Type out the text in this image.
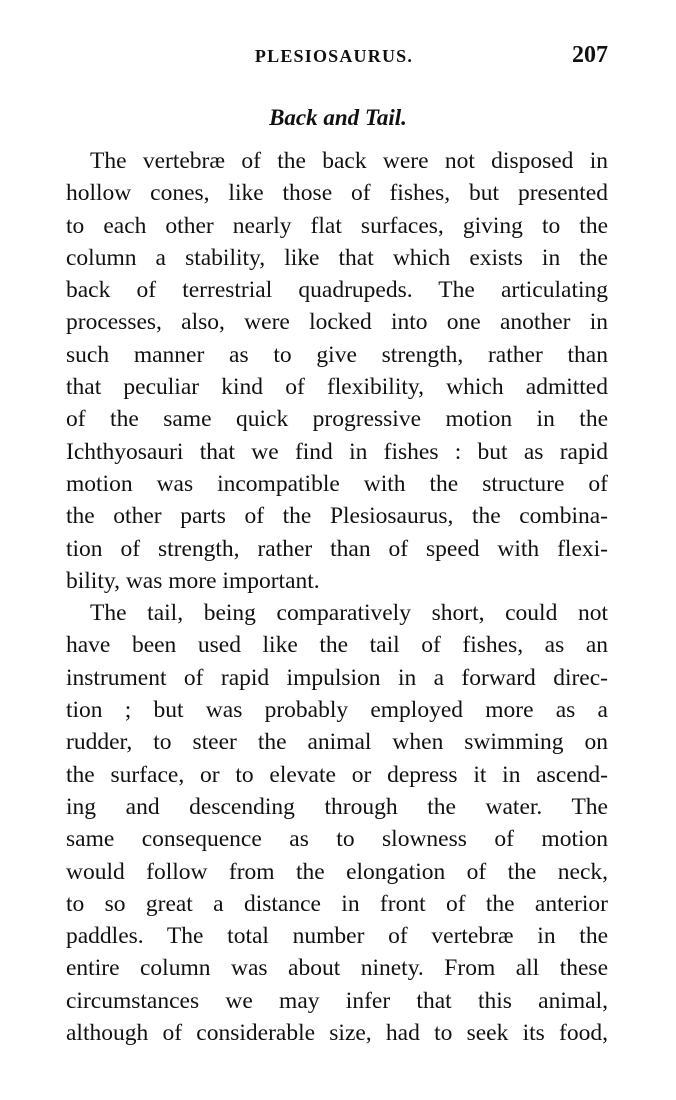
PLESIOSAURUS.	207
Back and Tail.

The vertebræ of the back were not disposed in
hollow cones, like those of fishes, but presented
to each other nearly flat surfaces, giving to the
column a stability, like that which exists in the
back of terrestrial quadrupeds. The articulating
processes, also, were locked into one another in
such manner as to give strength, rather than
that peculiar kind of flexibility, which admitted
of the same quick progressive motion in the
Ichthyosauri that we find in fishes : but as rapid
motion was incompatible with the structure of
the other parts of the Plesiosaurus, the combina-
tion of strength, rather than of speed with flexi-
bility, was more important.

The tail, being comparatively short, could not
have been used like the tail of fishes, as an
instrument of rapid impulsion in a forward direc-
tion ; but was probably employed more as a
rudder, to steer the animal when swimming on
the surface, or to elevate or depress it in ascend-
ing and descending through the water. The
same consequence as to slowness of motion
would follow from the elongation of the neck,
to so great a distance in front of the anterior
paddles. The total number of vertebræ in the
entire column was about ninety. From all these
circumstances we may infer that this animal,
although of considerable size, had to seek its food,
